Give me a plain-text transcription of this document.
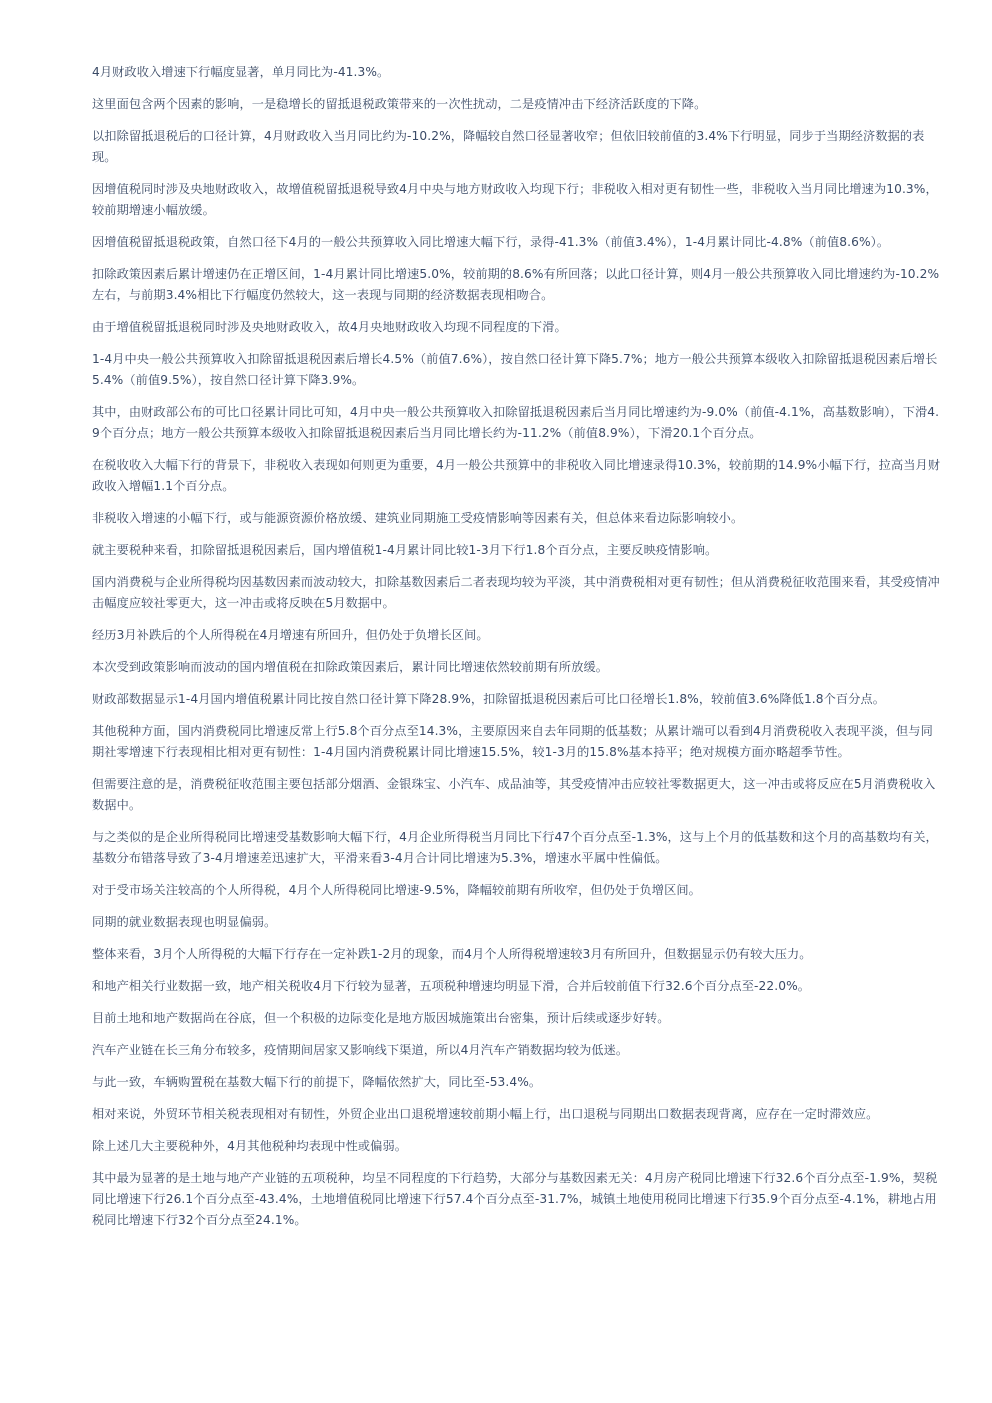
4月财政收入增速下行幅度显著，单月同比为-41.3%。

这里面包含两个因素的影响，一是稳增长的留抵退税政策带来的一次性扰动，二是疫情冲击下经济活跃度的下降。

以扣除留抵退税后的口径计算，4月财政收入当月同比约为-10.2%，降幅较自然口径显著收窄；但依旧较前值的3.4%下行明显，同步于当期经济数据的表现。

因增值税同时涉及央地财政收入，故增值税留抵退税导致4月中央与地方财政收入均现下行；非税收入相对更有韧性一些，非税收入当月同比增速为10.3%，较前期增速小幅放缓。

因增值税留抵退税政策，自然口径下4月的一般公共预算收入同比增速大幅下行，录得-41.3%（前值3.4%），1-4月累计同比-4.8%（前值8.6%）。

扣除政策因素后累计增速仍在正增区间，1-4月累计同比增速5.0%，较前期的8.6%有所回落；以此口径计算，则4月一般公共预算收入同比增速约为-10.2%左右，与前期3.4%相比下行幅度仍然较大，这一表现与同期的经济数据表现相吻合。

由于增值税留抵退税同时涉及央地财政收入，故4月央地财政收入均现不同程度的下滑。

1-4月中央一般公共预算收入扣除留抵退税因素后增长4.5%（前值7.6%），按自然口径计算下降5.7%；地方一般公共预算本级收入扣除留抵退税因素后增长5.4%（前值9.5%），按自然口径计算下降3.9%。

其中，由财政部公布的可比口径累计同比可知，4月中央一般公共预算收入扣除留抵退税因素后当月同比增速约为-9.0%（前值-4.1%，高基数影响），下滑4.9个百分点；地方一般公共预算本级收入扣除留抵退税因素后当月同比增长约为-11.2%（前值8.9%），下滑20.1个百分点。

在税收收入大幅下行的背景下，非税收入表现如何则更为重要，4月一般公共预算中的非税收入同比增速录得10.3%，较前期的14.9%小幅下行，拉高当月财政收入增幅1.1个百分点。

非税收入增速的小幅下行，或与能源资源价格放缓、建筑业同期施工受疫情影响等因素有关，但总体来看边际影响较小。

就主要税种来看，扣除留抵退税因素后，国内增值税1-4月累计同比较1-3月下行1.8个百分点，主要反映疫情影响。

国内消费税与企业所得税均因基数因素而波动较大，扣除基数因素后二者表现均较为平淡，其中消费税相对更有韧性；但从消费税征收范围来看，其受疫情冲击幅度应较社零更大，这一冲击或将反映在5月数据中。

经历3月补跌后的个人所得税在4月增速有所回升，但仍处于负增长区间。

本次受到政策影响而波动的国内增值税在扣除政策因素后，累计同比增速依然较前期有所放缓。

财政部数据显示1-4月国内增值税累计同比按自然口径计算下降28.9%，扣除留抵退税因素后可比口径增长1.8%，较前值3.6%降低1.8个百分点。

其他税种方面，国内消费税同比增速反常上行5.8个百分点至14.3%，主要原因来自去年同期的低基数；从累计端可以看到4月消费税收入表现平淡，但与同期社零增速下行表现相比相对更有韧性：1-4月国内消费税累计同比增速15.5%，较1-3月的15.8%基本持平；绝对规模方面亦略超季节性。

但需要注意的是，消费税征收范围主要包括部分烟酒、金银珠宝、小汽车、成品油等，其受疫情冲击应较社零数据更大，这一冲击或将反应在5月消费税收入数据中。

与之类似的是企业所得税同比增速受基数影响大幅下行，4月企业所得税当月同比下行47个百分点至-1.3%，这与上个月的低基数和这个月的高基数均有关，基数分布错落导致了3-4月增速差迅速扩大，平滑来看3-4月合计同比增速为5.3%，增速水平属中性偏低。

对于受市场关注较高的个人所得税，4月个人所得税同比增速-9.5%，降幅较前期有所收窄，但仍处于负增区间。

同期的就业数据表现也明显偏弱。

整体来看，3月个人所得税的大幅下行存在一定补跌1-2月的现象，而4月个人所得税增速较3月有所回升，但数据显示仍有较大压力。

和地产相关行业数据一致，地产相关税收4月下行较为显著，五项税种增速均明显下滑，合并后较前值下行32.6个百分点至-22.0%。

目前土地和地产数据尚在谷底，但一个积极的边际变化是地方版因城施策出台密集，预计后续或逐步好转。

汽车产业链在长三角分布较多，疫情期间居家又影响线下渠道，所以4月汽车产销数据均较为低迷。

与此一致，车辆购置税在基数大幅下行的前提下，降幅依然扩大，同比至-53.4%。

相对来说，外贸环节相关税表现相对有韧性，外贸企业出口退税增速较前期小幅上行，出口退税与同期出口数据表现背离，应存在一定时滞效应。

除上述几大主要税种外，4月其他税种均表现中性或偏弱。

其中最为显著的是土地与地产产业链的五项税种，均呈不同程度的下行趋势，大部分与基数因素无关：4月房产税同比增速下行32.6个百分点至-1.9%，契税同比增速下行26.1个百分点至-43.4%，土地增值税同比增速下行57.4个百分点至-31.7%，城镇土地使用税同比增速下行35.9个百分点至-4.1%，耕地占用税同比增速下行32个百分点至24.1%。
